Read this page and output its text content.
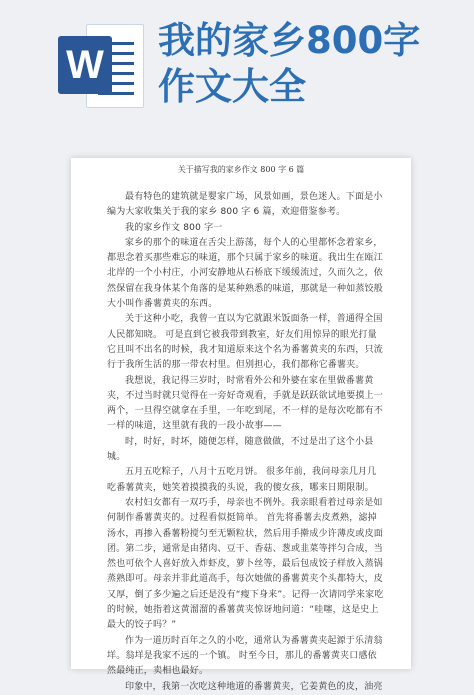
W
我的家乡800字
作文大全
关于描写我的家乡作文 800 字 6 篇

最有特色的建筑就是婴家广场，风景如画，景色迷人。下面是小编为大家收集关于我的家乡 800 字 6 篇，欢迎借鉴参考。

我的家乡作文 800 字一

家乡的那个的味道在舌尖上游荡，每个人的心里都怀念着家乡，都思念着买那些难忘的味道，那个只属于家乡的味道。我出生在瓯江北岸的一个小村庄，小河安静地从石桥底下缓缓流过，久而久之，依然保留在我身体某个角落的是某种熟悉的味道，那就是一种如蒸饺般大小叫作番薯黄夹的东西。

关于这种小吃，我曾一直以为它就跟米饭面条一样，普通得全国人民都知晓。 可是直到它被我带到教室，好友们用惊异的眼光打量它且叫不出名的时候，我才知道原来这个名为番薯黄夹的东西，只流行于我所生活的那一带农村里。但别担心，我们都称它番薯夹。

我想说，我记得三岁时，时常看外公和外婆在家在里做番薯黄夹，不过当时就只觉得在一旁好奇观看，手就是跃跃欲试地要摸上一两个，一旦得空就拿在手里，一年吃到尾，不一样的是每次吃都有不一样的味道，这里就有我的一段小故事——

时，时好，时坏，随便怎样，随意做做，不过是出了这个小县城。

五月五吃粽子，八月十五吃月饼。 很多年前，我问母亲几月几吃番薯黄夹，她笑着摸摸我的头说，我的傻女孩，哪来日期限制。

农村妇女都有一双巧手，母亲也不例外。我亲眼看着过母亲是如何制作番薯黄夹的。过程看似挺简单。 首先将番薯去皮煮熟，滤掉汤水，再掺入番薯粉搅匀至无颗粒状，然后用手擀成少许薄皮或皮面团。第二步，通常是由猪肉、豆干、香菇、葱或韭菜等拌匀合成，当然也可依个人喜好放入炸虾皮，萝卜丝等，最后包成饺子样放入蒸锅蒸熟即可。母亲并非此道高手，每次她做的番薯黄夹个头都特大，皮又厚，倒了多少遍之后还是没有“瘦下身来”。记得一次请同学来家吃的时候，她指着这黄溜溜的番薯黄夹惊讶地问道：“哇噻，这是史上最大的饺子吗？”

作为一道历时百年之久的小吃，通常认为番薯黄夹起源于乐清翁垟。翁垟是我家不远的一个镇。 时至今日，那儿的番薯黄夹口感依然最纯正，卖相也最好。

印象中，我第一次吃这种地道的番薯黄夹，它姜黄色的皮，油亮
